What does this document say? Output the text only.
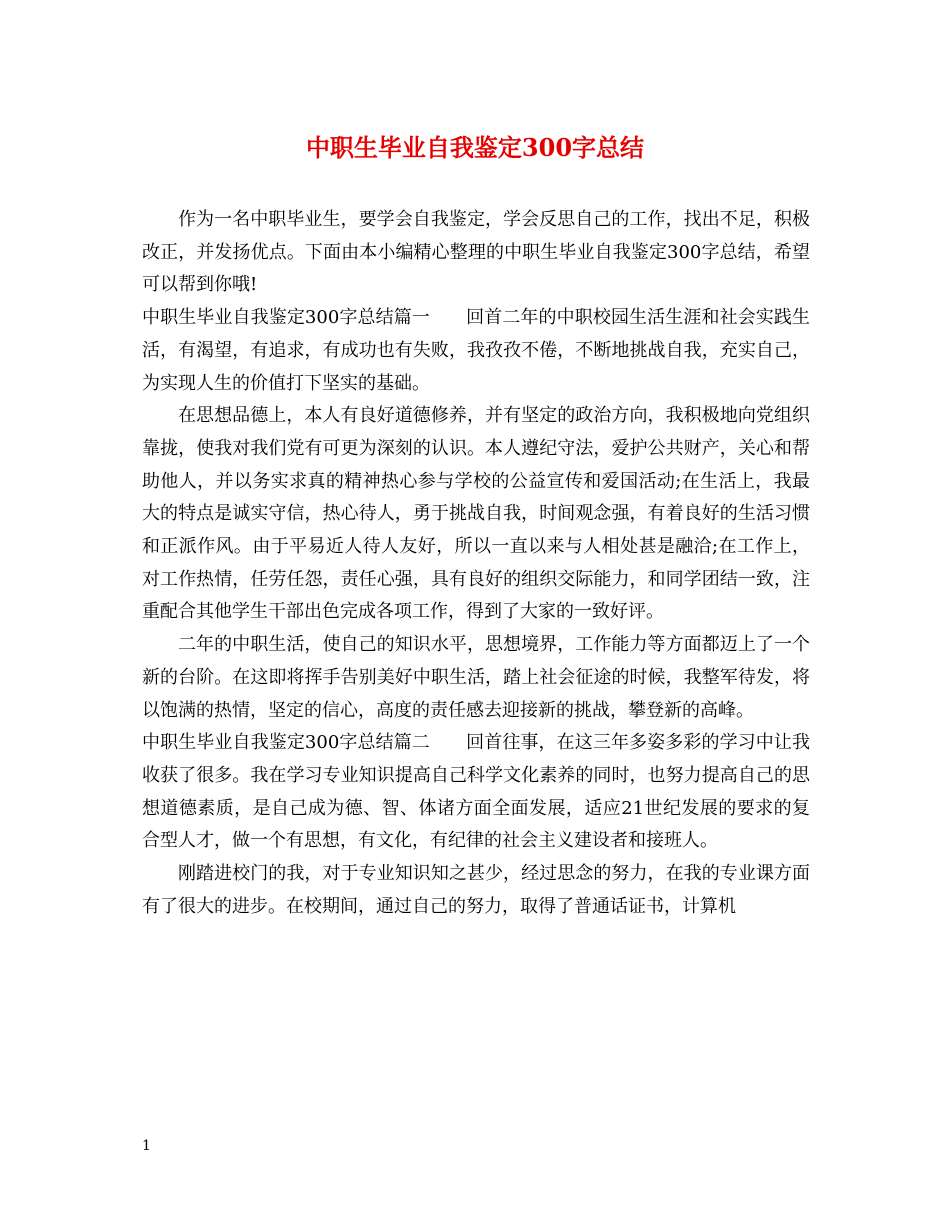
中职生毕业自我鉴定300字总结

作为一名中职毕业生，要学会自我鉴定，学会反思自己的工作，找出不足，积极改正，并发扬优点。下面由本小编精心整理的中职生毕业自我鉴定300字总结，希望可以帮到你哦!

中职生毕业自我鉴定300字总结篇一　　回首二年的中职校园生活生涯和社会实践生活，有渴望，有追求，有成功也有失败，我孜孜不倦，不断地挑战自我，充实自己，为实现人生的价值打下坚实的基础。

在思想品德上，本人有良好道德修养，并有坚定的政治方向，我积极地向党组织靠拢，使我对我们党有可更为深刻的认识。本人遵纪守法，爱护公共财产，关心和帮助他人，并以务实求真的精神热心参与学校的公益宣传和爱国活动;在生活上，我最大的特点是诚实守信，热心待人，勇于挑战自我，时间观念强，有着良好的生活习惯和正派作风。由于平易近人待人友好，所以一直以来与人相处甚是融洽;在工作上，对工作热情，任劳任怨，责任心强，具有良好的组织交际能力，和同学团结一致，注重配合其他学生干部出色完成各项工作，得到了大家的一致好评。

二年的中职生活，使自己的知识水平，思想境界，工作能力等方面都迈上了一个新的台阶。在这即将挥手告别美好中职生活，踏上社会征途的时候，我整军待发，将以饱满的热情，坚定的信心，高度的责任感去迎接新的挑战，攀登新的高峰。

中职生毕业自我鉴定300字总结篇二　　回首往事，在这三年多姿多彩的学习中让我收获了很多。我在学习专业知识提高自己科学文化素养的同时，也努力提高自己的思想道德素质，是自己成为德、智、体诸方面全面发展，适应21世纪发展的要求的复合型人才，做一个有思想，有文化，有纪律的社会主义建设者和接班人。

刚踏进校门的我，对于专业知识知之甚少，经过思念的努力，在我的专业课方面有了很大的进步。在校期间，通过自己的努力，取得了普通话证书，计算机

1
